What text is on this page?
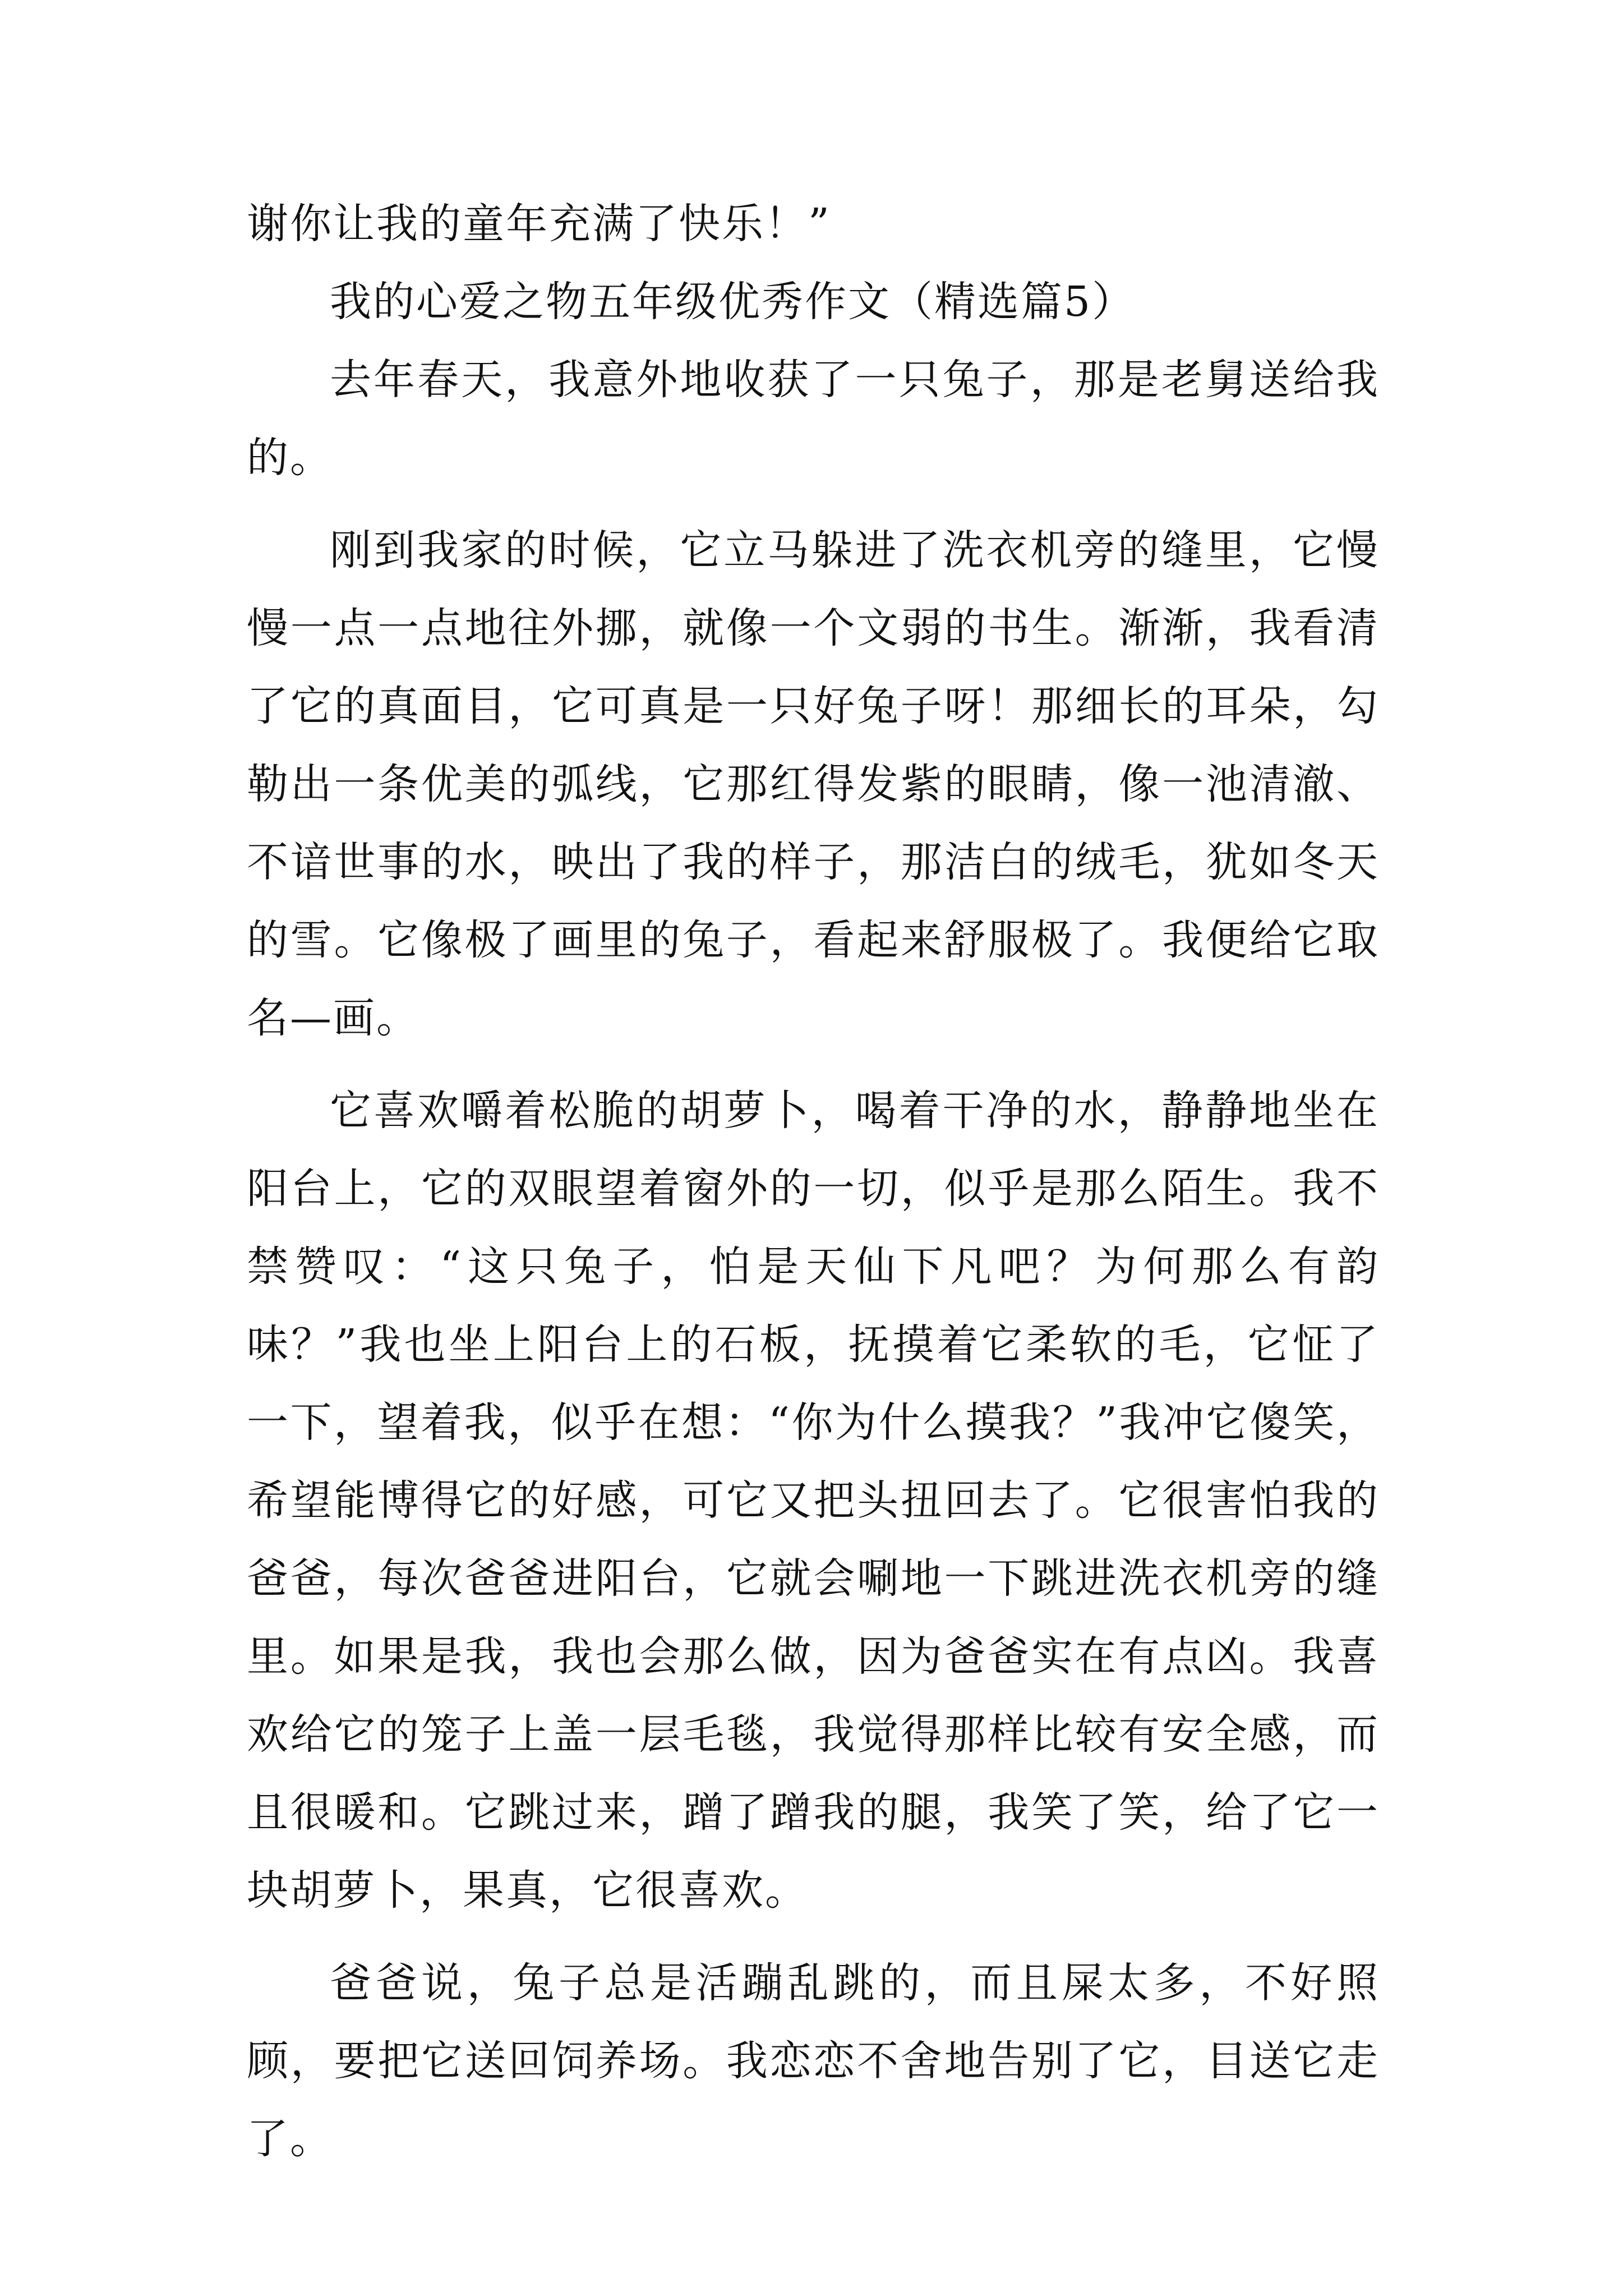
谢你让我的童年充满了快乐！”

我的心爱之物五年级优秀作文（精选篇5）

去年春天，我意外地收获了一只兔子，那是老舅送给我的。

刚到我家的时候，它立马躲进了洗衣机旁的缝里，它慢慢一点一点地往外挪，就像一个文弱的书生。渐渐，我看清了它的真面目，它可真是一只好兔子呀！那细长的耳朵，勾勒出一条优美的弧线，它那红得发紫的眼睛，像一池清澈、不谙世事的水，映出了我的样子，那洁白的绒毛，犹如冬天的雪。它像极了画里的兔子，看起来舒服极了。我便给它取名—画。

它喜欢嚼着松脆的胡萝卜，喝着干净的水，静静地坐在阳台上，它的双眼望着窗外的一切，似乎是那么陌生。我不禁赞叹：“这只兔子，怕是天仙下凡吧？为何那么有韵味？”我也坐上阳台上的石板，抚摸着它柔软的毛，它怔了一下，望着我，似乎在想：“你为什么摸我？”我冲它傻笑，希望能博得它的好感，可它又把头扭回去了。它很害怕我的爸爸，每次爸爸进阳台，它就会唰地一下跳进洗衣机旁的缝里。如果是我，我也会那么做，因为爸爸实在有点凶。我喜欢给它的笼子上盖一层毛毯，我觉得那样比较有安全感，而且很暖和。它跳过来，蹭了蹭我的腿，我笑了笑，给了它一块胡萝卜，果真，它很喜欢。

爸爸说，兔子总是活蹦乱跳的，而且屎太多，不好照顾，要把它送回饲养场。我恋恋不舍地告别了它，目送它走了。
